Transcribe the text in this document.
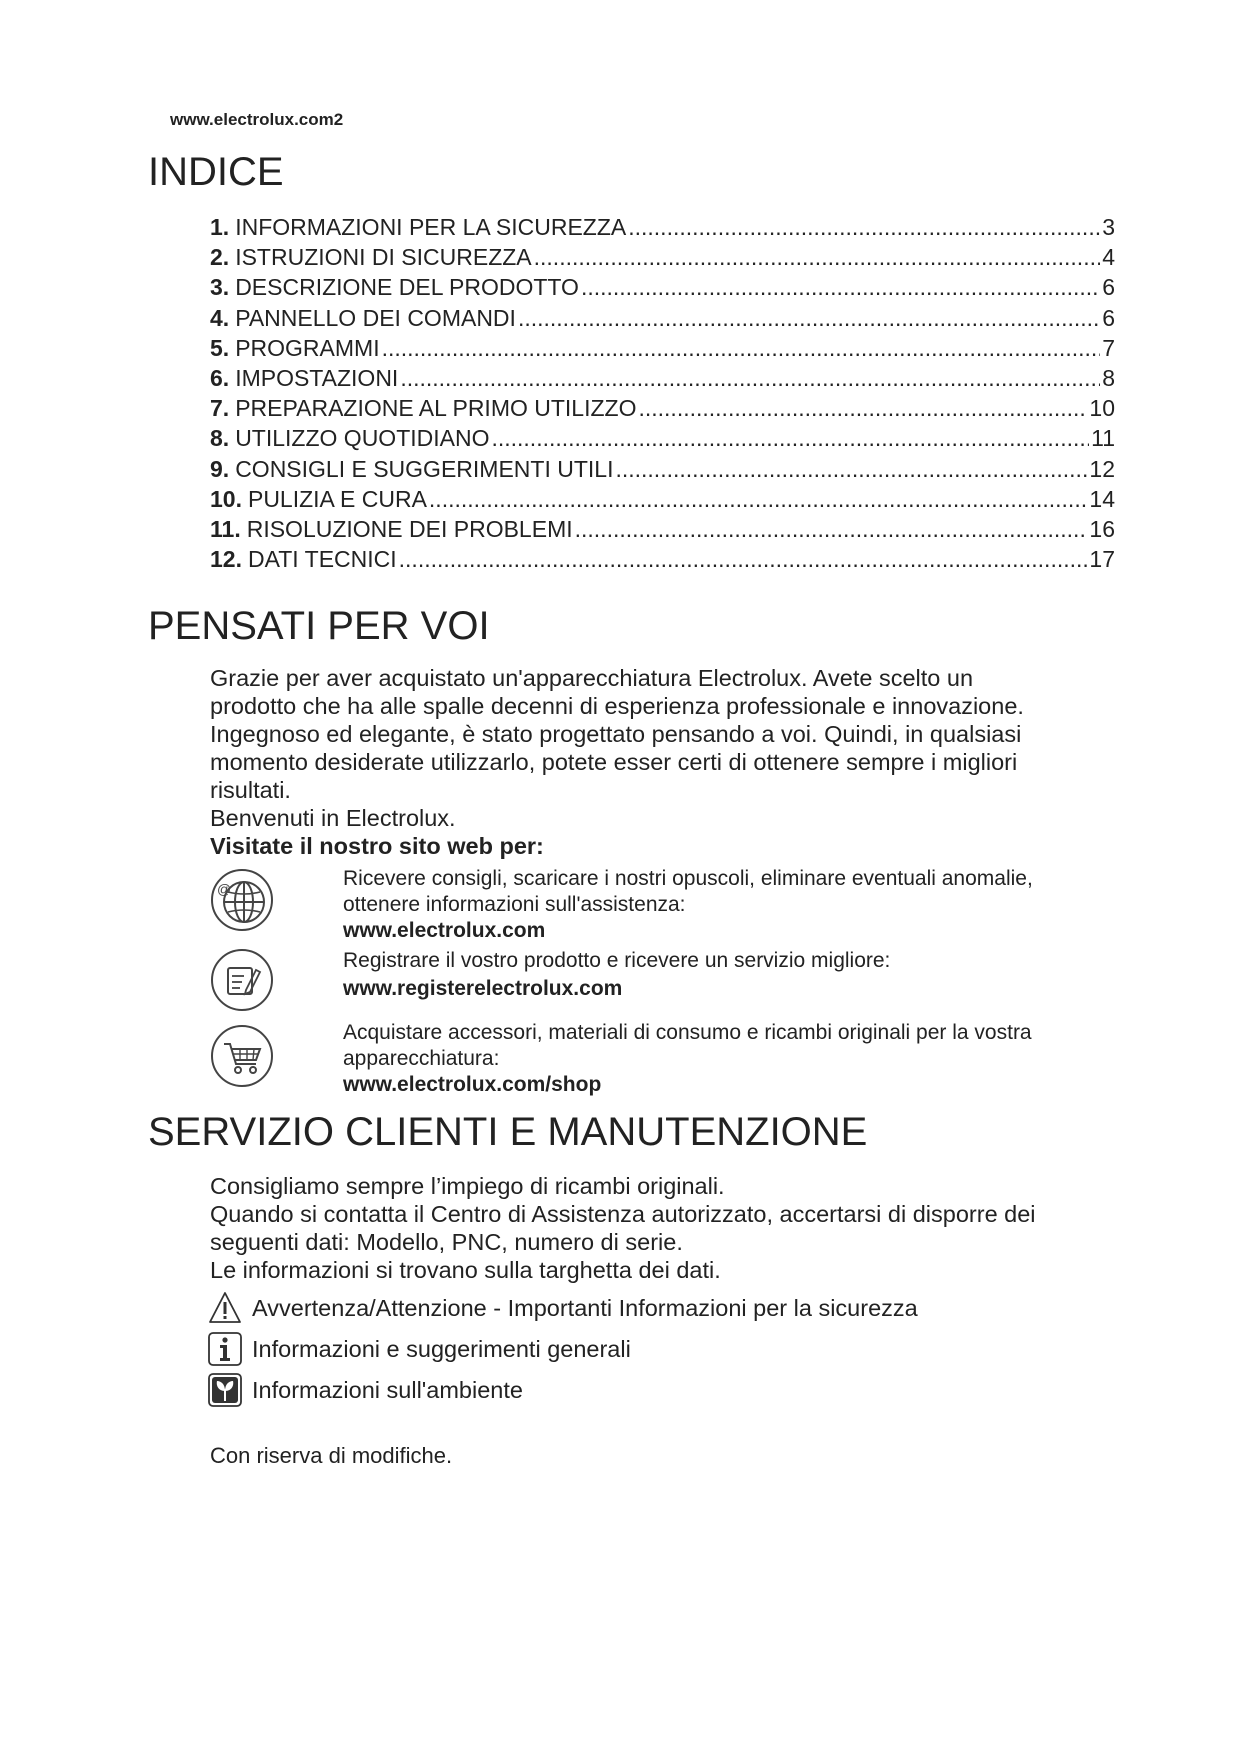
www.electrolux.com2
INDICE
1. INFORMAZIONI PER LA SICUREZZA .....	3
2. ISTRUZIONI DI SICUREZZA .....	4
3. DESCRIZIONE DEL PRODOTTO .....	6
4. PANNELLO DEI COMANDI .....	6
5. PROGRAMMI .....	7
6. IMPOSTAZIONI .....	8
7. PREPARAZIONE AL PRIMO UTILIZZO .....	10
8. UTILIZZO QUOTIDIANO .....	11
9. CONSIGLI E SUGGERIMENTI UTILI .....	12
10. PULIZIA E CURA .....	14
11. RISOLUZIONE DEI PROBLEMI .....	16
12. DATI TECNICI .....	17
PENSATI PER VOI

Grazie per aver acquistato un'apparecchiatura Electrolux. Avete scelto un

prodotto che ha alle spalle decenni di esperienza professionale e innovazione.

Ingegnoso ed elegante, è stato progettato pensando a voi. Quindi, in qualsiasi

momento desiderate utilizzarlo, potete esser certi di ottenere sempre i migliori

risultati.

Benvenuti in Electrolux.

Visitate il nostro sito web per:

@	Ricevere consigli, scaricare i nostri opuscoli, eliminare eventuali anomalie,
ottenere informazioni sull'assistenza:
www.electrolux.com
Registrare il vostro prodotto e ricevere un servizio migliore:
www.registerelectrolux.com
Acquistare accessori, materiali di consumo e ricambi originali per la vostra
apparecchiatura:
www.electrolux.com/shop
SERVIZIO CLIENTI E MANUTENZIONE

Consigliamo sempre l’impiego di ricambi originali.

Quando si contatta il Centro di Assistenza autorizzato, accertarsi di disporre dei

seguenti dati: Modello, PNC, numero di serie.

Le informazioni si trovano sulla targhetta dei dati.

Avvertenza/Attenzione - Importanti Informazioni per la sicurezza
Informazioni e suggerimenti generali
Informazioni sull'ambiente
Con riserva di modifiche.
